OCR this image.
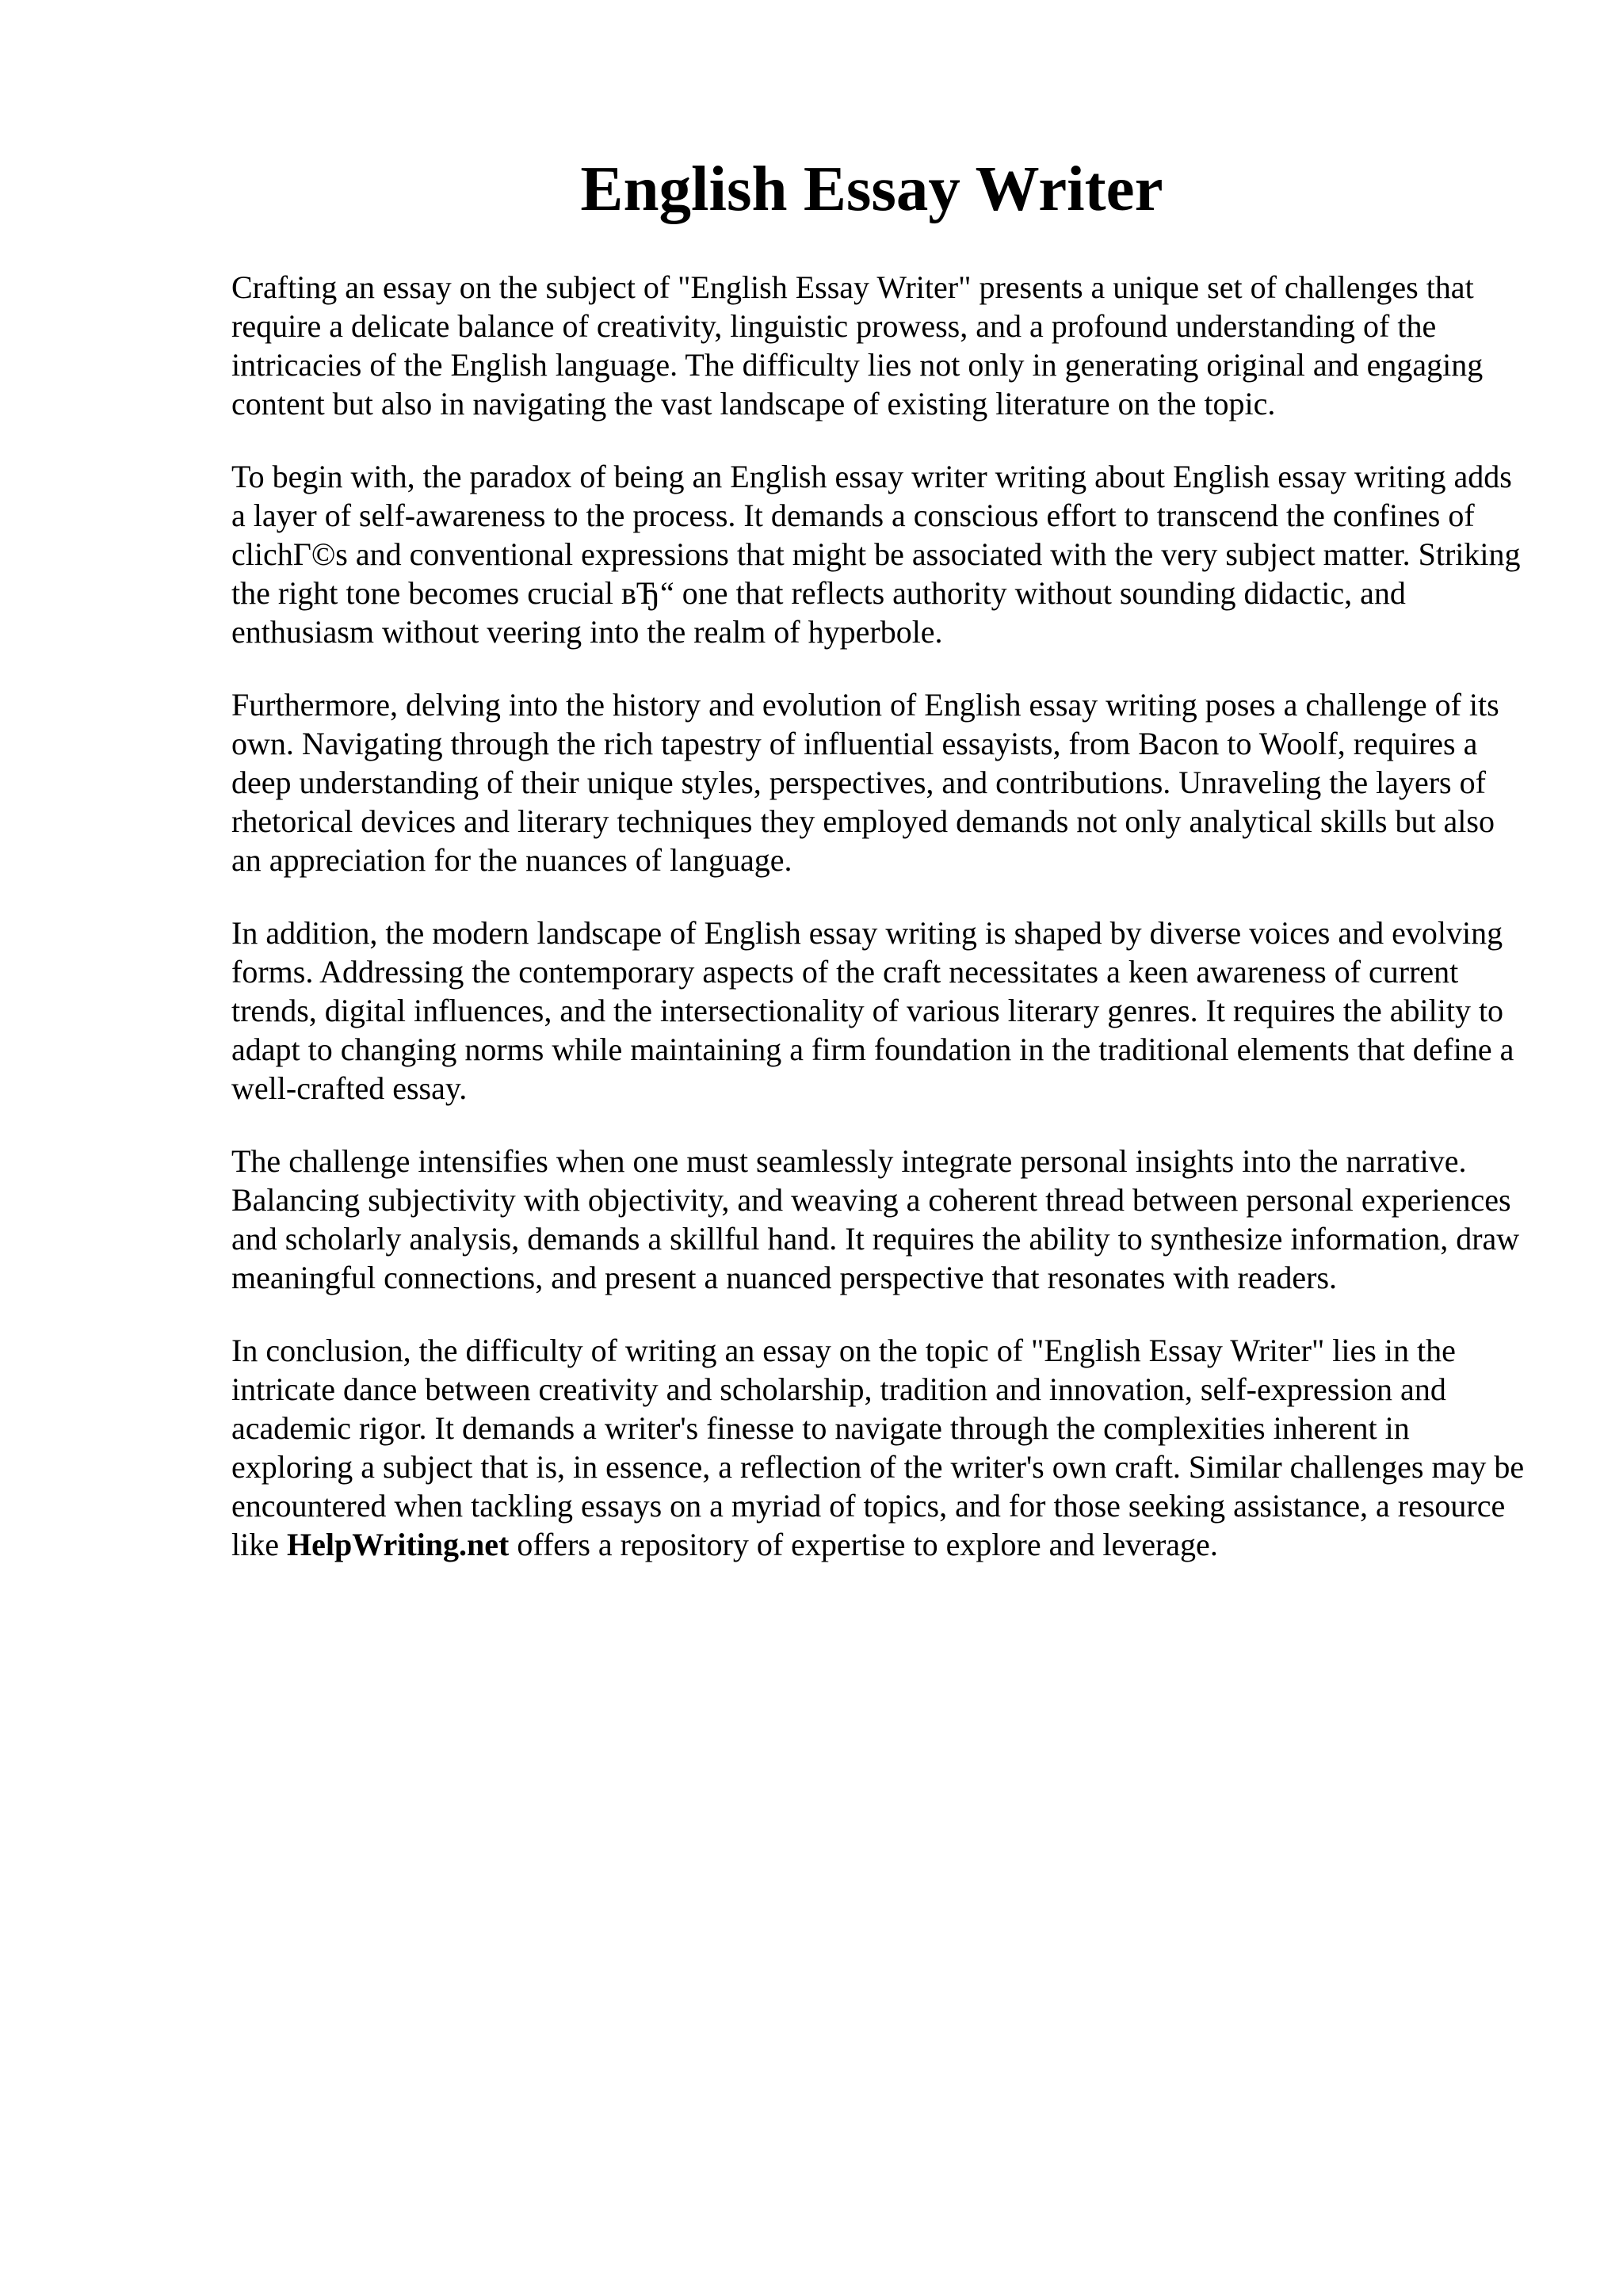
English Essay Writer

Crafting an essay on the subject of "English Essay Writer" presents a unique set of challenges that require a delicate balance of creativity, linguistic prowess, and a profound understanding of the intricacies of the English language. The difficulty lies not only in generating original and engaging content but also in navigating the vast landscape of existing literature on the topic.

To begin with, the paradox of being an English essay writer writing about English essay writing adds a layer of self-awareness to the process. It demands a conscious effort to transcend the confines of clichГ©s and conventional expressions that might be associated with the very subject matter. Striking the right tone becomes crucial вЂ“ one that reflects authority without sounding didactic, and enthusiasm without veering into the realm of hyperbole.

Furthermore, delving into the history and evolution of English essay writing poses a challenge of its own. Navigating through the rich tapestry of influential essayists, from Bacon to Woolf, requires a deep understanding of their unique styles, perspectives, and contributions. Unraveling the layers of rhetorical devices and literary techniques they employed demands not only analytical skills but also an appreciation for the nuances of language.

In addition, the modern landscape of English essay writing is shaped by diverse voices and evolving forms. Addressing the contemporary aspects of the craft necessitates a keen awareness of current trends, digital influences, and the intersectionality of various literary genres. It requires the ability to adapt to changing norms while maintaining a firm foundation in the traditional elements that define a well-crafted essay.

The challenge intensifies when one must seamlessly integrate personal insights into the narrative. Balancing subjectivity with objectivity, and weaving a coherent thread between personal experiences and scholarly analysis, demands a skillful hand. It requires the ability to synthesize information, draw meaningful connections, and present a nuanced perspective that resonates with readers.

In conclusion, the difficulty of writing an essay on the topic of "English Essay Writer" lies in the intricate dance between creativity and scholarship, tradition and innovation, self-expression and academic rigor. It demands a writer's finesse to navigate through the complexities inherent in exploring a subject that is, in essence, a reflection of the writer's own craft. Similar challenges may be encountered when tackling essays on a myriad of topics, and for those seeking assistance, a resource like HelpWriting.net offers a repository of expertise to explore and leverage.
